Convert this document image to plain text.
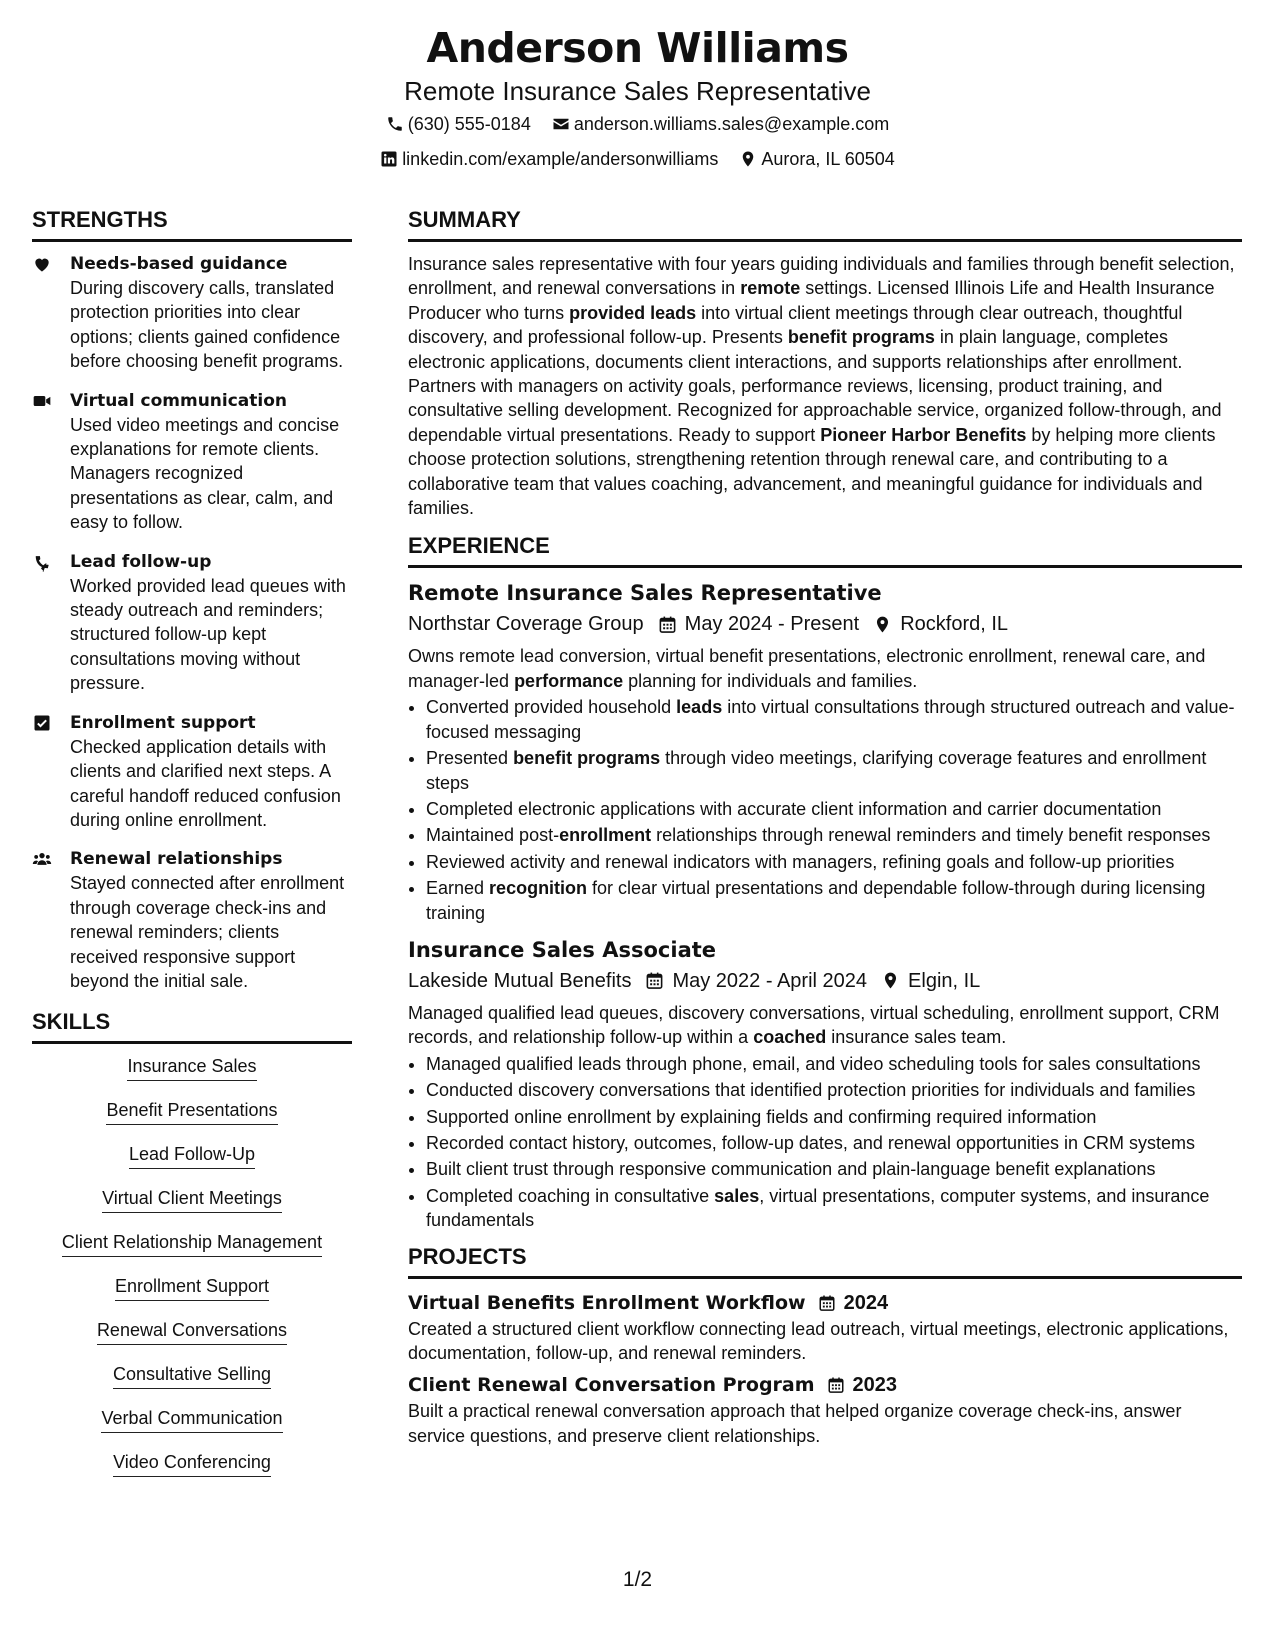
Anderson Williams
Remote Insurance Sales Representative
(630) 555-0184
anderson.williams.sales@example.com
linkedin.com/example/andersonwilliams
Aurora, IL 60504
STRENGTHS
Needs-based guidance
During discovery calls, translated protection priorities into clear options; clients gained confidence before choosing benefit programs.
Virtual communication
Used video meetings and concise explanations for remote clients. Managers recognized presentations as clear, calm, and easy to follow.
Lead follow-up
Worked provided lead queues with steady outreach and reminders; structured follow-up kept consultations moving without pressure.
Enrollment support
Checked application details with clients and clarified next steps. A careful handoff reduced confusion during online enrollment.
Renewal relationships
Stayed connected after enrollment through coverage check-ins and renewal reminders; clients received responsive support beyond the initial sale.
SKILLS
Insurance Sales
Benefit Presentations
Lead Follow-Up
Virtual Client Meetings
Client Relationship Management
Enrollment Support
Renewal Conversations
Consultative Selling
Verbal Communication
Video Conferencing
SUMMARY

Insurance sales representative with four years guiding individuals and families through benefit selection, enrollment, and renewal conversations in remote settings. Licensed Illinois Life and Health Insurance Producer who turns provided leads into virtual client meetings through clear outreach, thoughtful discovery, and professional follow-up. Presents benefit programs in plain language, completes electronic applications, documents client interactions, and supports relationships after enrollment. Partners with managers on activity goals, performance reviews, licensing, product training, and consultative selling development. Recognized for approachable service, organized follow-through, and dependable virtual presentations. Ready to support Pioneer Harbor Benefits by helping more clients choose protection solutions, strengthening retention through renewal care, and contributing to a collaborative team that values coaching, advancement, and meaningful guidance for individuals and families.

EXPERIENCE
Remote Insurance Sales Representative
Northstar Coverage Group May 2024 - Present Rockford, IL

Owns remote lead conversion, virtual benefit presentations, electronic enrollment, renewal care, and manager-led performance planning for individuals and families.

• Converted provided household leads into virtual consultations through structured outreach and value-focused messaging
• Presented benefit programs through video meetings, clarifying coverage features and enrollment steps
• Completed electronic applications with accurate client information and carrier documentation
• Maintained post-enrollment relationships through renewal reminders and timely benefit responses
• Reviewed activity and renewal indicators with managers, refining goals and follow-up priorities
• Earned recognition for clear virtual presentations and dependable follow-through during licensing training
Insurance Sales Associate
Lakeside Mutual Benefits May 2022 - April 2024 Elgin, IL

Managed qualified lead queues, discovery conversations, virtual scheduling, enrollment support, CRM records, and relationship follow-up within a coached insurance sales team.

• Managed qualified leads through phone, email, and video scheduling tools for sales consultations
• Conducted discovery conversations that identified protection priorities for individuals and families
• Supported online enrollment by explaining fields and confirming required information
• Recorded contact history, outcomes, follow-up dates, and renewal opportunities in CRM systems
• Built client trust through responsive communication and plain-language benefit explanations
• Completed coaching in consultative sales, virtual presentations, computer systems, and insurance fundamentals
PROJECTS
Virtual Benefits Enrollment Workflow 2024

Created a structured client workflow connecting lead outreach, virtual meetings, electronic applications, documentation, follow-up, and renewal reminders.

Client Renewal Conversation Program 2023

Built a practical renewal conversation approach that helped organize coverage check-ins, answer service questions, and preserve client relationships.

1/2
